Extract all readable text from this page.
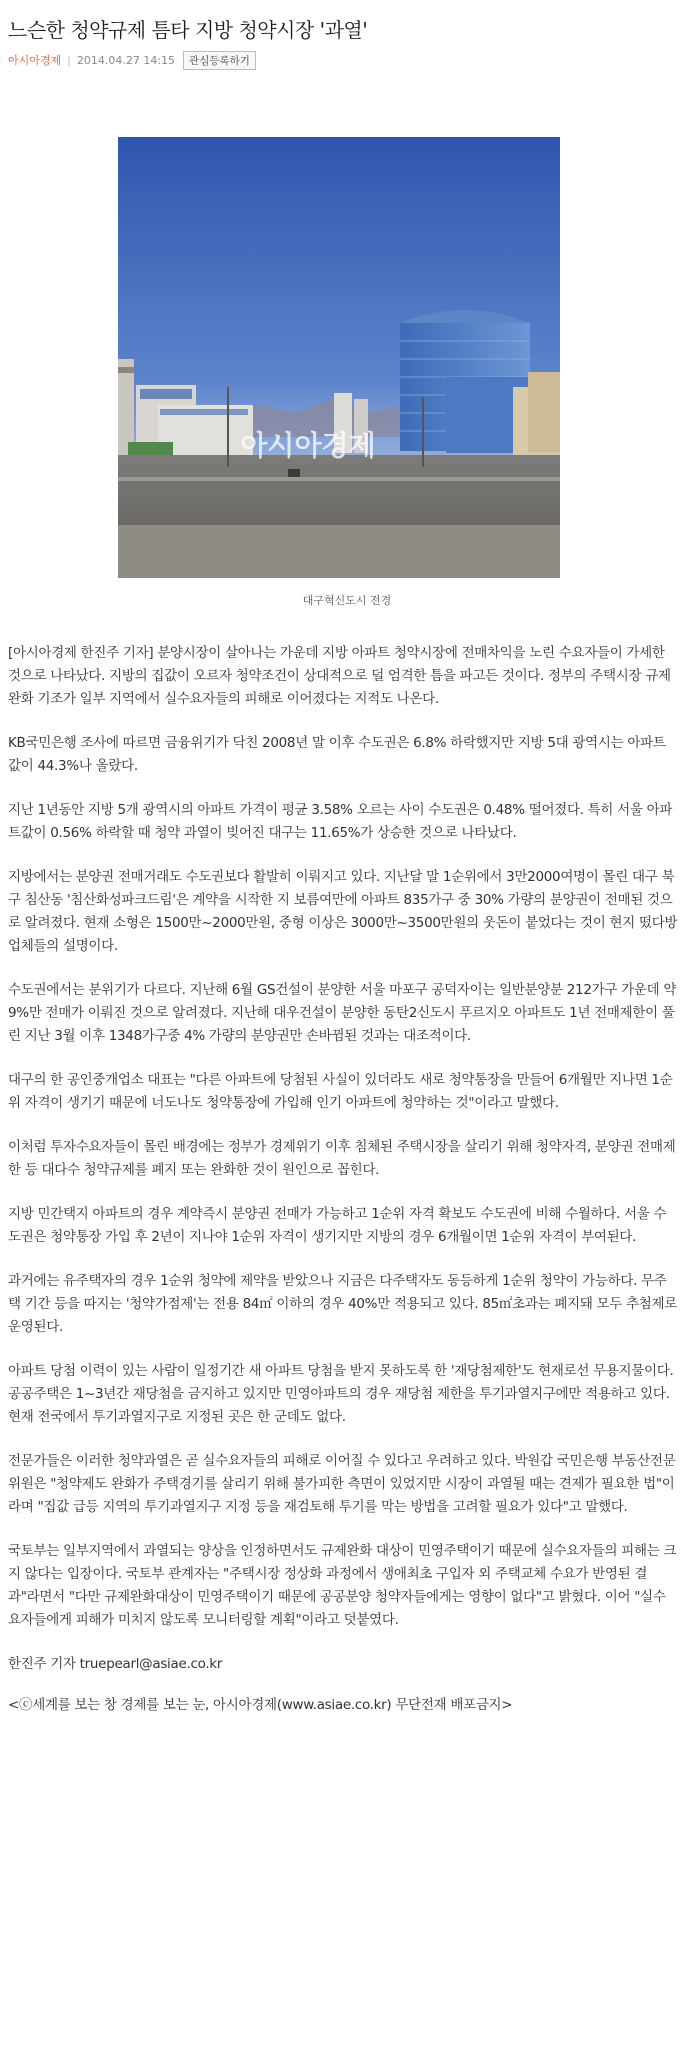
느슨한 청약규제 틈타 지방 청약시장 '과열'
아시아경제 | 2014.04.27 14:15	관심등록하기
아시아경제
대구혁신도시 전경

[아시아경제 한진주 기자] 분양시장이 살아나는 가운데 지방 아파트 청약시장에 전매차익을 노린 수요자들이 가세한 것으로 나타났다. 지방의 집값이 오르자 청약조건이 상대적으로 덜 엄격한 틈을 파고든 것이다. 정부의 주택시장 규제완화 기조가 일부 지역에서 실수요자들의 피해로 이어졌다는 지적도 나온다.

KB국민은행 조사에 따르면 금융위기가 닥친 2008년 말 이후 수도권은 6.8% 하락했지만 지방 5대 광역시는 아파트 값이 44.3%나 올랐다.

지난 1년동안 지방 5개 광역시의 아파트 가격이 평균 3.58% 오르는 사이 수도권은 0.48% 떨어졌다. 특히 서울 아파트값이 0.56% 하락할 때 청약 과열이 빚어진 대구는 11.65%가 상승한 것으로 나타났다.

지방에서는 분양권 전매거래도 수도권보다 활발히 이뤄지고 있다. 지난달 말 1순위에서 3만2000여명이 몰린 대구 북구 침산동 '침산화성파크드림'은 계약을 시작한 지 보름여만에 아파트 835가구 중 30% 가량의 분양권이 전매된 것으로 알려졌다. 현재 소형은 1500만~2000만원, 중형 이상은 3000만~3500만원의 웃돈이 붙었다는 것이 현지 떴다방 업체들의 설명이다.

수도권에서는 분위기가 다르다. 지난해 6월 GS건설이 분양한 서울 마포구 공덕자이는 일반분양분 212가구 가운데 약 9%만 전매가 이뤄진 것으로 알려졌다. 지난해 대우건설이 분양한 동탄2신도시 푸르지오 아파트도 1년 전매제한이 풀린 지난 3월 이후 1348가구중 4% 가량의 분양권만 손바뀜된 것과는 대조적이다.

대구의 한 공인중개업소 대표는 "다른 아파트에 당첨된 사실이 있더라도 새로 청약통장을 만들어 6개월만 지나면 1순위 자격이 생기기 때문에 너도나도 청약통장에 가입해 인기 아파트에 청약하는 것"이라고 말했다.

이처럼 투자수요자들이 몰린 배경에는 정부가 경제위기 이후 침체된 주택시장을 살리기 위해 청약자격, 분양권 전매제한 등 대다수 청약규제를 폐지 또는 완화한 것이 원인으로 꼽힌다.

지방 민간택지 아파트의 경우 계약즉시 분양권 전매가 가능하고 1순위 자격 확보도 수도권에 비해 수월하다. 서울 수도권은 청약통장 가입 후 2년이 지나야 1순위 자격이 생기지만 지방의 경우 6개월이면 1순위 자격이 부여된다.

과거에는 유주택자의 경우 1순위 청약에 제약을 받았으나 지금은 다주택자도 동등하게 1순위 청약이 가능하다. 무주택 기간 등을 따지는 '청약가점제'는 전용 84㎡ 이하의 경우 40%만 적용되고 있다. 85㎡초과는 폐지돼 모두 추첨제로 운영된다.

아파트 당첨 이력이 있는 사람이 일정기간 새 아파트 당첨을 받지 못하도록 한 '재당첨제한'도 현재로선 무용지물이다. 공공주택은 1~3년간 재당첨을 금지하고 있지만 민영아파트의 경우 재당첨 제한을 투기과열지구에만 적용하고 있다. 현재 전국에서 투기과열지구로 지정된 곳은 한 군데도 없다.

전문가들은 이러한 청약과열은 곧 실수요자들의 피해로 이어질 수 있다고 우려하고 있다. 박원갑 국민은행 부동산전문위원은 "청약제도 완화가 주택경기를 살리기 위해 불가피한 측면이 있었지만 시장이 과열될 때는 견제가 필요한 법"이라며 "집값 급등 지역의 투기과열지구 지정 등을 재검토해 투기를 막는 방법을 고려할 필요가 있다"고 말했다.

국토부는 일부지역에서 과열되는 양상을 인정하면서도 규제완화 대상이 민영주택이기 때문에 실수요자들의 피해는 크지 않다는 입장이다. 국토부 관계자는 "주택시장 정상화 과정에서 생애최초 구입자 외 주택교체 수요가 반영된 결과"라면서 "다만 규제완화대상이 민영주택이기 때문에 공공분양 청약자들에게는 영향이 없다"고 밝혔다. 이어 "실수요자들에게 피해가 미치지 않도록 모니터링할 계획"이라고 덧붙였다.

한진주 기자 truepearl@asiae.co.kr

<ⓒ세계를 보는 창 경제를 보는 눈, 아시아경제(www.asiae.co.kr) 무단전재 배포금지>
